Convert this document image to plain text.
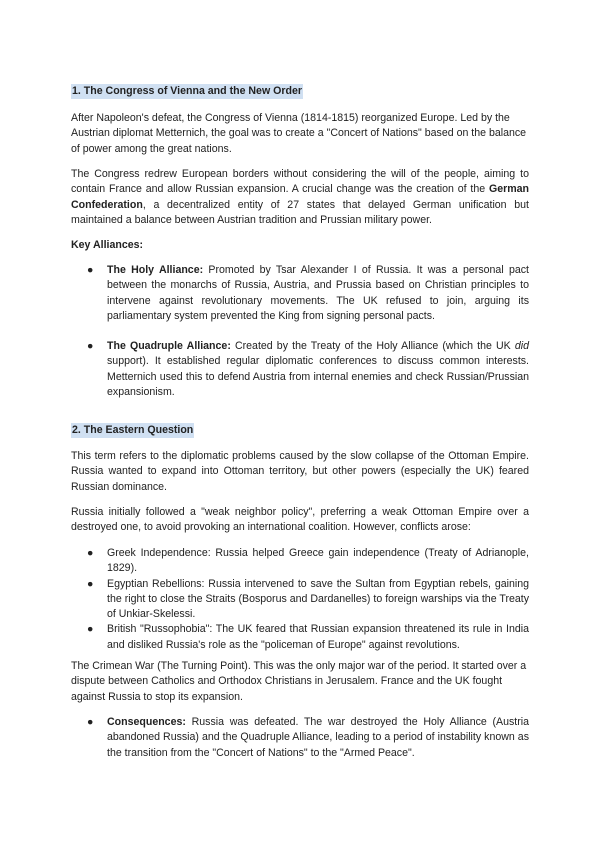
1. The Congress of Vienna and the New Order

After Napoleon's defeat, the Congress of Vienna (1814-1815) reorganized Europe. Led by the Austrian diplomat Metternich, the goal was to create a "Concert of Nations" based on the balance of power among the great nations.

The Congress redrew European borders without considering the will of the people, aiming to contain France and allow Russian expansion. A crucial change was the creation of the German Confederation, a decentralized entity of 27 states that delayed German unification but maintained a balance between Austrian tradition and Prussian military power.

Key Alliances:

● The Holy Alliance: Promoted by Tsar Alexander I of Russia. It was a personal pact between the monarchs of Russia, Austria, and Prussia based on Christian principles to intervene against revolutionary movements. The UK refused to join, arguing its parliamentary system prevented the King from signing personal pacts.
● The Quadruple Alliance: Created by the Treaty of the Holy Alliance (which the UK did support). It established regular diplomatic conferences to discuss common interests. Metternich used this to defend Austria from internal enemies and check Russian/Prussian expansionism.

2. The Eastern Question

This term refers to the diplomatic problems caused by the slow collapse of the Ottoman Empire. Russia wanted to expand into Ottoman territory, but other powers (especially the UK) feared Russian dominance.

Russia initially followed a "weak neighbor policy", preferring a weak Ottoman Empire over a destroyed one, to avoid provoking an international coalition. However, conflicts arose:

● Greek Independence: Russia helped Greece gain independence (Treaty of Adrianople, 1829).
● Egyptian Rebellions: Russia intervened to save the Sultan from Egyptian rebels, gaining the right to close the Straits (Bosporus and Dardanelles) to foreign warships via the Treaty of Unkiar-Skelessi.
● British "Russophobia": The UK feared that Russian expansion threatened its rule in India and disliked Russia's role as the "policeman of Europe" against revolutions.

The Crimean War (The Turning Point). This was the only major war of the period. It started over a dispute between Catholics and Orthodox Christians in Jerusalem. France and the UK fought against Russia to stop its expansion.

● Consequences: Russia was defeated. The war destroyed the Holy Alliance (Austria abandoned Russia) and the Quadruple Alliance, leading to a period of instability known as the transition from the "Concert of Nations" to the "Armed Peace".
